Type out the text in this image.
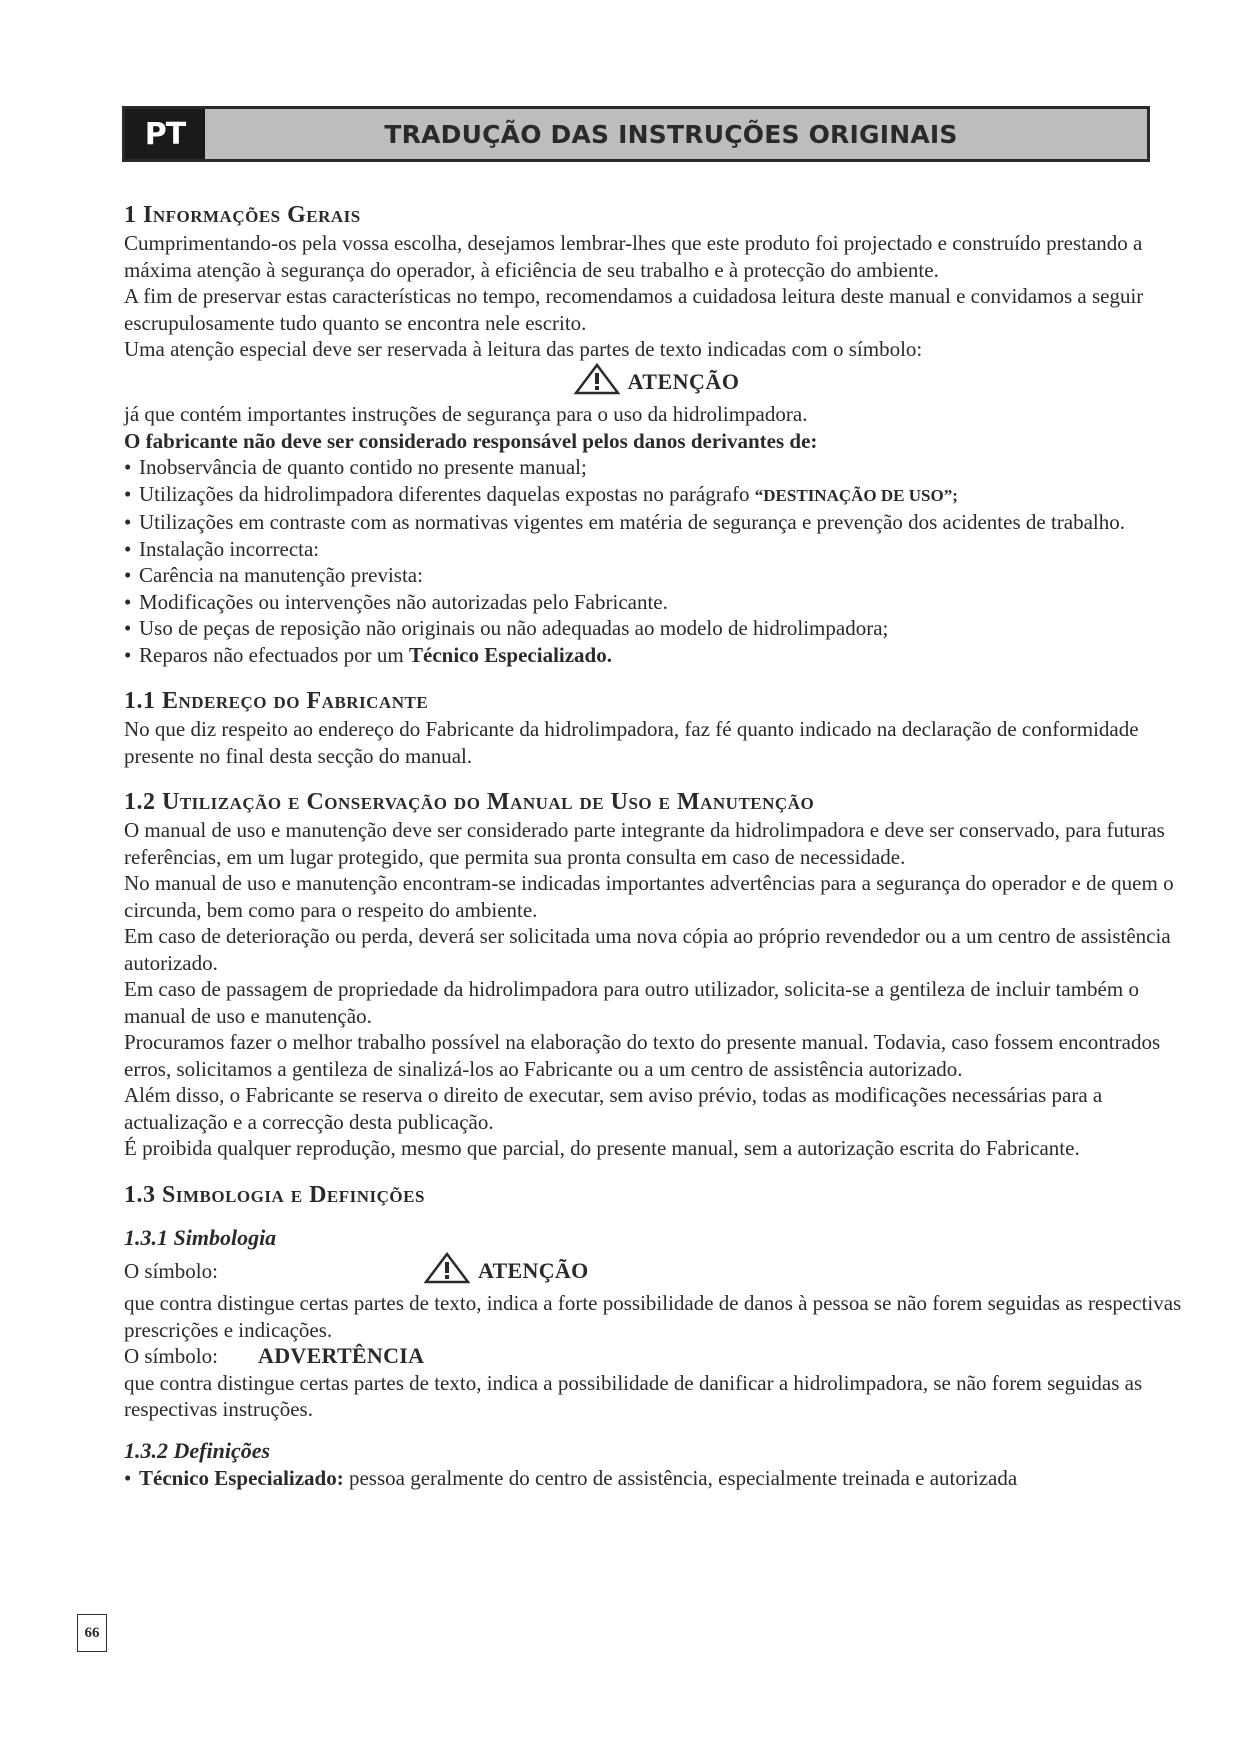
PT	TRADUÇÃO DAS INSTRUÇÕES ORIGINAIS
1 Informações Gerais

Cumprimentando-os pela vossa escolha, desejamos lembrar-lhes que este produto foi projectado e construído prestando a máxima atenção à segurança do operador, à eficiência de seu trabalho e à protecção do ambiente.

A fim de preservar estas características no tempo, recomendamos a cuidadosa leitura deste manual e convidamos a seguir escrupulosamente tudo quanto se encontra nele escrito.

Uma atenção especial deve ser reservada à leitura das partes de texto indicadas com o símbolo:

ATENÇÃO

já que contém importantes instruções de segurança para o uso da hidrolimpadora.

O fabricante não deve ser considerado responsável pelos danos derivantes de:

• Inobservância de quanto contido no presente manual;
• Utilizações da hidrolimpadora diferentes daquelas expostas no parágrafo “DESTINAÇÃO DE USO”;
• Utilizações em contraste com as normativas vigentes em matéria de segurança e prevenção dos acidentes de trabalho.
• Instalação incorrecta:
• Carência na manutenção prevista:
• Modificações ou intervenções não autorizadas pelo Fabricante.
• Uso de peças de reposição não originais ou não adequadas ao modelo de hidrolimpadora;
• Reparos não efectuados por um Técnico Especializado.
1.1 Endereço do Fabricante

No que diz respeito ao endereço do Fabricante da hidrolimpadora, faz fé quanto indicado na declaração de conformidade presente no final desta secção do manual.

1.2 Utilização e Conservação do Manual de Uso e Manutenção

O manual de uso e manutenção deve ser considerado parte integrante da hidrolimpadora e deve ser conservado, para futuras referências, em um lugar protegido, que permita sua pronta consulta em caso de necessidade.

No manual de uso e manutenção encontram-se indicadas importantes advertências para a segurança do operador e de quem o circunda, bem como para o respeito do ambiente.

Em caso de deterioração ou perda, deverá ser solicitada uma nova cópia ao próprio revendedor ou a um centro de assistência autorizado.

Em caso de passagem de propriedade da hidrolimpadora para outro utilizador, solicita-se a gentileza de incluir também o manual de uso e manutenção.

Procuramos fazer o melhor trabalho possível na elaboração do texto do presente manual. Todavia, caso fossem encontrados erros, solicitamos a gentileza de sinalizá-los ao Fabricante ou a um centro de assistência autorizado.

Além disso, o Fabricante se reserva o direito de executar, sem aviso prévio, todas as modificações necessárias para a actualização e a correcção desta publicação.

É proibida qualquer reprodução, mesmo que parcial, do presente manual, sem a autorização escrita do Fabricante.

1.3 Simbologia e Definições
1.3.1 Simbologia
O símbolo:	ATENÇÃO

que contra distingue certas partes de texto, indica a forte possibilidade de danos à pessoa se não forem seguidas as respectivas prescrições e indicações.

O símbolo:	ADVERTÊNCIA

que contra distingue certas partes de texto, indica a possibilidade de danificar a hidrolimpadora, se não forem seguidas as respectivas instruções.

1.3.2 Definições
• Técnico Especializado: pessoa geralmente do centro de assistência, especialmente treinada e autorizada
66
